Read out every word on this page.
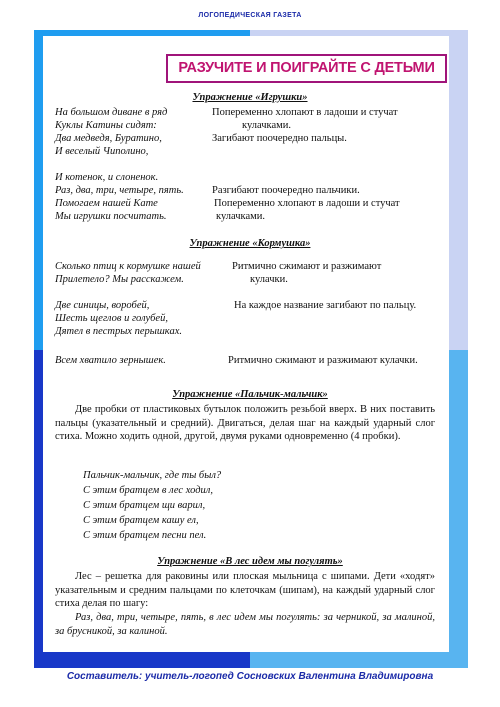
ЛОГОПЕДИЧЕСКАЯ ГАЗЕТА
РАЗУЧИТЕ И ПОИГРАЙТЕ С ДЕТЬМИ
Упражнение «Игрушки»
На большом диване в ряд
Куклы Катины сидят:
Два медведя, Буратино,
И веселый Чиполино,
И котенок, и слоненок.
Раз, два, три, четыре, пять.
Помогаем нашей Кате
Мы игрушки посчитать.
Попеременно хлопают в ладоши и стучат
кулачками.
Загибают поочередно пальцы.
Разгибают поочередно пальчики.
Попеременно хлопают в ладоши и стучат
кулачками.
Упражнение «Кормушка»
Сколько птиц к кормушке нашей
Прилетело? Мы расскажем.
Ритмично сжимают и разжимают
кулачки.
Две синицы, воробей,
Шесть щеглов и голубей,
Дятел в пестрых перышках.
На каждое название загибают по пальцу.
Всем хватило зернышек.	Ритмично сжимают и разжимают кулачки.
Упражнение «Пальчик-мальчик»
Две пробки от пластиковых бутылок положить резьбой вверх. В них поставить пальцы (указательный и средний). Двигаться, делая шаг на каждый ударный слог стиха. Можно ходить одной, другой, двумя руками одновременно (4 пробки).
Пальчик-мальчик, где ты был?
С этим братцем в лес ходил,
С этим братцем щи варил,
С этим братцем кашу ел,
С этим братцем песни пел.
Упражнение «В лес идем мы погулять»
Лес – решетка для раковины или плоская мыльница с шипами. Дети «ходят» указательным и средним пальцами по клеточкам (шипам), на каждый ударный слог стиха делая по шагу:
Раз, два, три, четыре, пять, в лес идем мы погулять: за черникой, за малиной, за брусникой, за калиной.
Составитель: учитель-логопед Сосновских Валентина Владимировна
